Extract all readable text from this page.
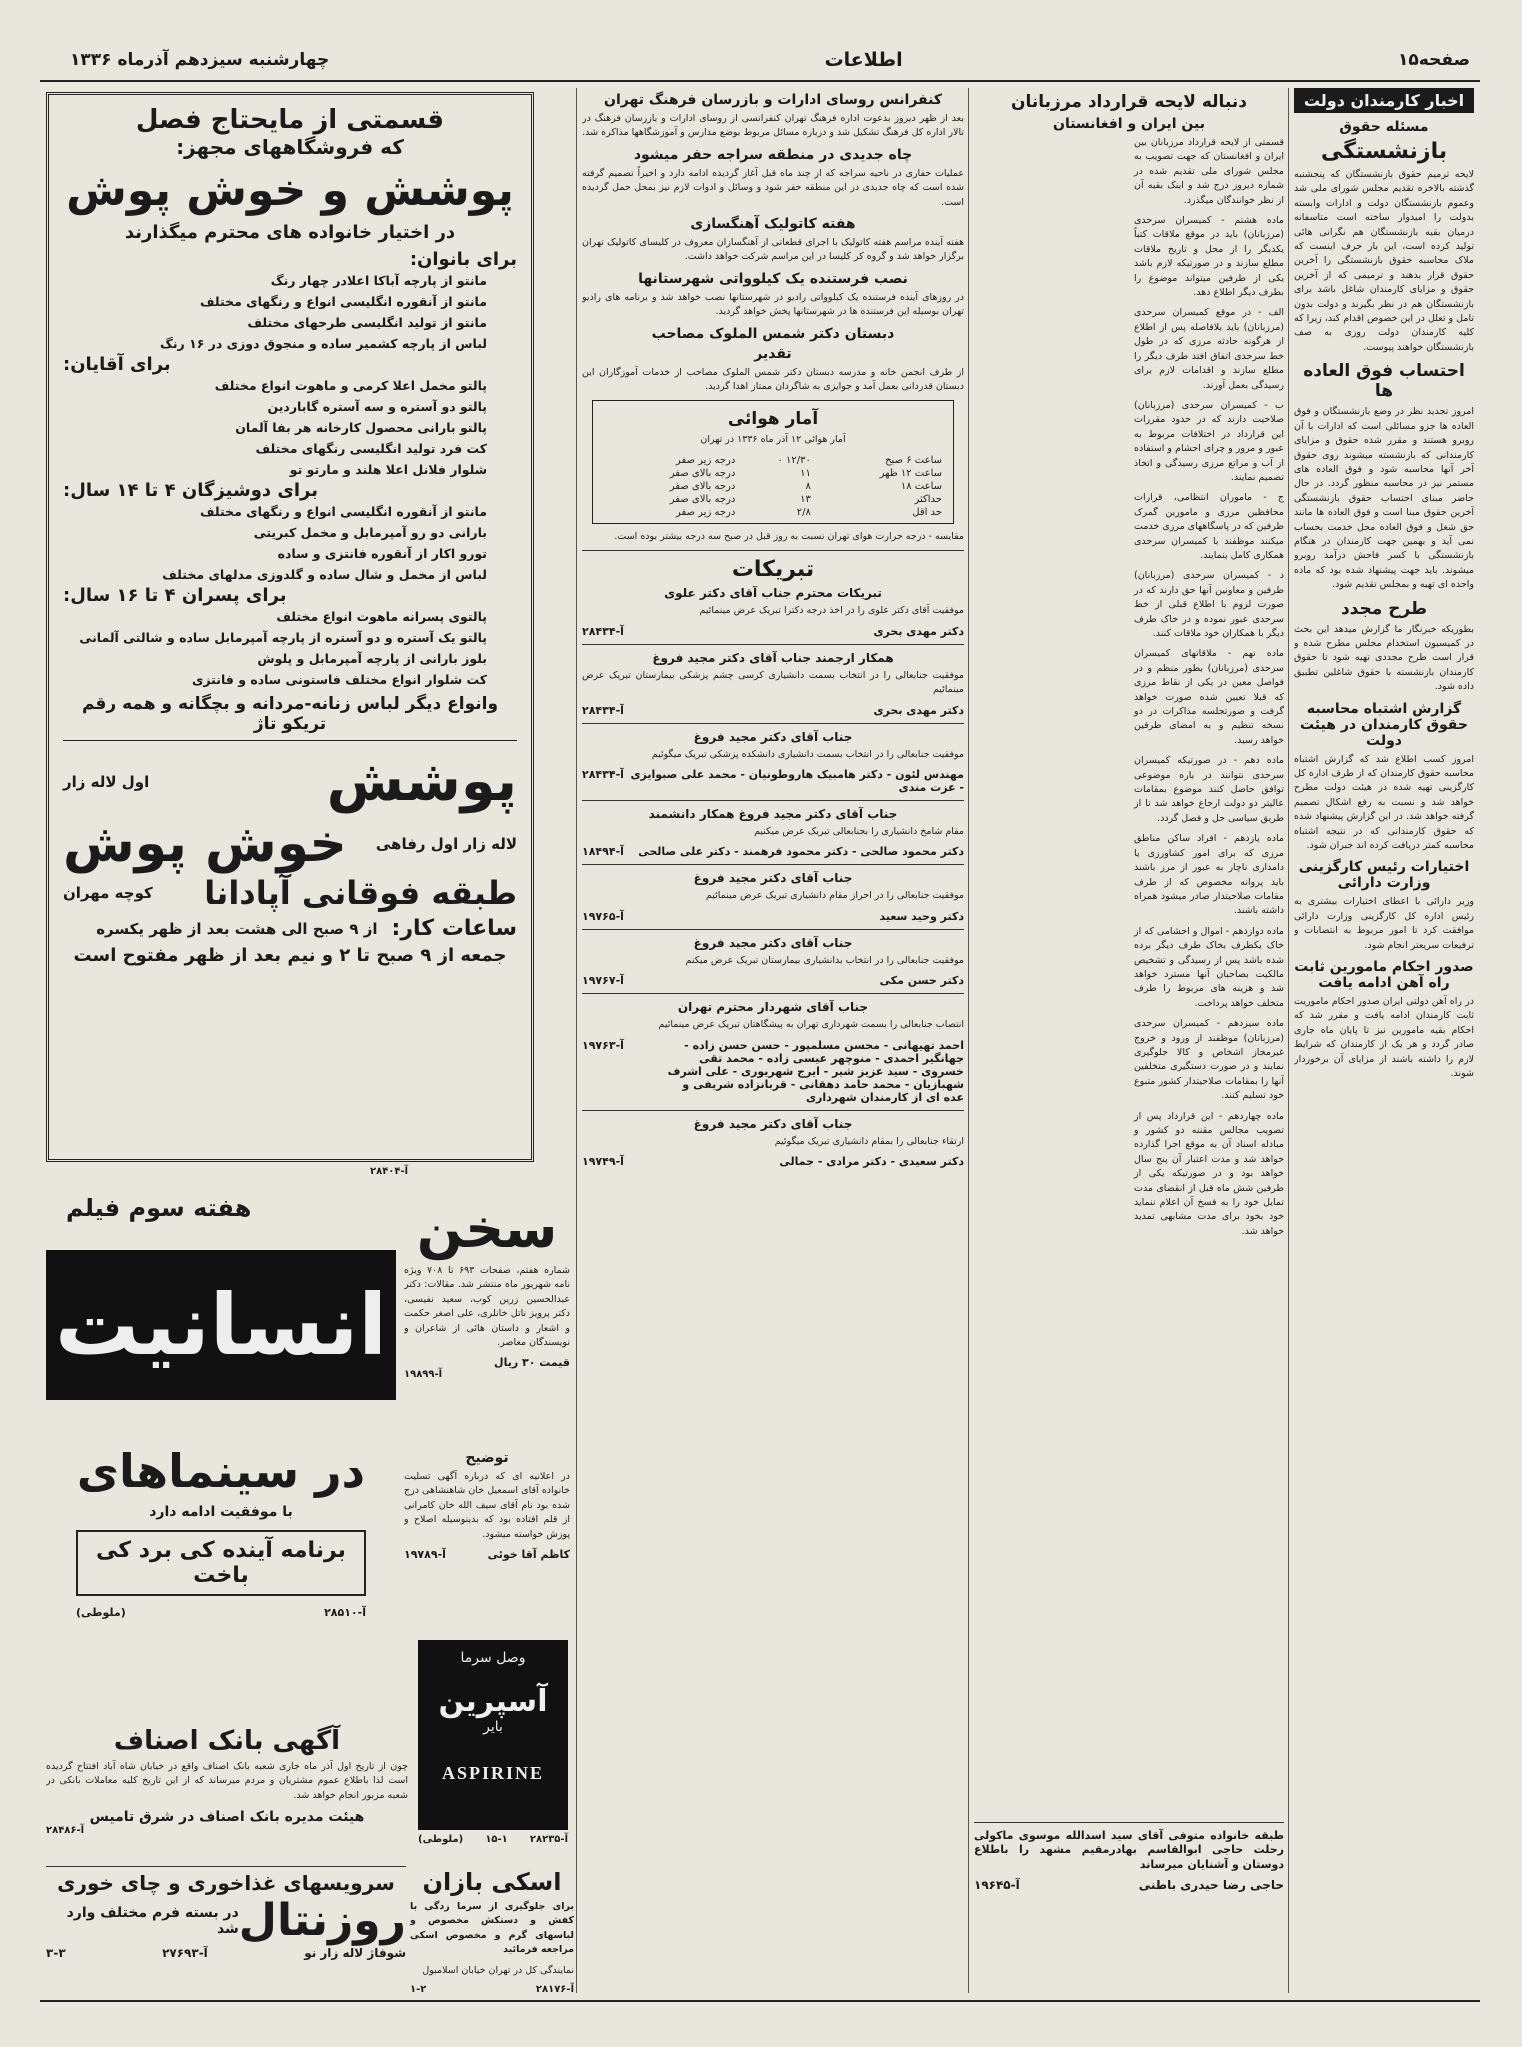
صفحه۱۵
اطلاعات
چهارشنبه سیزدهم آذرماه ۱۳۳۶
اخبار کارمندان دولت
مسئله حقوق
بازنشستگی

لایحه ترمیم حقوق بازنشستگان که پنجشنبه گذشته بالاخره تقدیم مجلس شورای ملی شد وعموم بازنشستگان دولت و ادارات وابسته بدولت را امیدوار ساخته است متاسفانه درمیان بقیه بازنشستگان هم نگرانی هائی تولید کرده است، این بار حرف اینست که ملاک محاسبه حقوق بازنشستگی را آخرین حقوق قرار بدهند و ترمیمی که از آخرین حقوق و مزایای کارمندان شاغل باشد برای بازنشستگان هم در نظر بگیرند و دولت بدون تامل و تعلل در این خصوص اقدام کند، زیرا که کلیه کارمندان دولت روزی به صف بازنشستگان خواهند پیوست.

احتساب فوق العاده ها

امروز تجدید نظر در وضع بازنشستگان و فوق العاده ها جزو مسائلی است که ادارات با آن روبرو هستند و مقرر شده حقوق و مزایای کارمندانی که بازنشسته میشوند روی حقوق آخر آنها محاسبه شود و فوق العاده های مستمر نیز در محاسبه منظور گردد. در حال حاضر مبنای احتساب حقوق بازنشستگی آخرین حقوق مبنا است و فوق العاده ها مانند حق شغل و فوق العاده محل خدمت بحساب نمی آید و بهمین جهت کارمندان در هنگام بازنشستگی با کسر فاحش درآمد روبرو میشوند. باید جهت پیشنهاد شده بود که ماده واحده ای تهیه و بمجلس تقدیم شود.

طرح مجدد

بطوریکه خبرنگار ما گزارش میدهد این بحث در کمیسیون استخدام مجلس مطرح شده و قرار است طرح مجددی تهیه شود تا حقوق کارمندان بازنشسته با حقوق شاغلین تطبیق داده شود.

گزارش اشتباه محاسبه حقوق کارمندان در هیئت دولت

امروز کسب اطلاع شد که گزارش اشتباه محاسبه حقوق کارمندان که از طرف اداره کل کارگزینی تهیه شده در هیئت دولت مطرح خواهد شد و نسبت به رفع اشکال تصمیم گرفته خواهد شد. در این گزارش پیشنهاد شده که حقوق کارمندانی که در نتیجه اشتباه محاسبه کمتر دریافت کرده اند جبران شود.

اختیارات رئیس کارگزینی وزارت دارائی

وزیر دارائی با اعطای اختیارات بیشتری به رئیس اداره کل کارگزینی وزارت دارائی موافقت کرد تا امور مربوط به انتصابات و ترفیعات سریعتر انجام شود.

صدور احکام مامورین ثابت راه آهن ادامه یافت

در راه آهن دولتی ایران صدور احکام ماموریت ثابت کارمندان ادامه یافت و مقرر شد که احکام بقیه مامورین نیز تا پایان ماه جاری صادر گردد و هر یک از کارمندان که شرایط لازم را داشته باشند از مزایای آن برخوردار شوند.

دنباله لایحه قرارداد مرزبانان
بین ایران و افغانستان

قسمتی از لایحه قرارداد مرزبانان بین ایران و افغانستان که جهت تصویب به مجلس شورای ملی تقدیم شده در شماره دیروز درج شد و اینک بقیه آن از نظر خوانندگان میگذرد.

ماده هشتم - کمیسران سرحدی (مرزبانان) باید در موقع ملاقات کتباً یکدیگر را از محل و تاریخ ملاقات مطلع سازند و در صورتیکه لازم باشد یکی از طرفین میتواند موضوع را بطرف دیگر اطلاع دهد.

الف - در موقع کمیسران سرحدی (مرزبانان) باید بلافاصله پس از اطلاع از هرگونه حادثه مرزی که در طول خط سرحدی اتفاق افتد طرف دیگر را مطلع سازند و اقدامات لازم برای رسیدگی بعمل آورند.

ب - کمیسران سرحدی (مرزبانان) صلاحیت دارند که در حدود مقررات این قرارداد در اختلافات مربوط به عبور و مرور و چرای احشام و استفاده از آب و مراتع مرزی رسیدگی و اتخاذ تصمیم نمایند.

ج - ماموران انتظامی، قرارات محافظین مرزی و مامورین گمرک طرفین که در پاسگاههای مرزی خدمت میکنند موظفند با کمیسران سرحدی همکاری کامل بنمایند.

د - کمیسران سرحدی (مرزبانان) طرفین و معاونین آنها حق دارند که در صورت لزوم با اطلاع قبلی از خط سرحدی عبور نموده و در خاک طرف دیگر با همکاران خود ملاقات کنند.

ماده نهم - ملاقاتهای کمیسران سرحدی (مرزبانان) بطور منظم و در فواصل معین در یکی از نقاط مرزی که قبلا تعیین شده صورت خواهد گرفت و صورتجلسه مذاکرات در دو نسخه تنظیم و به امضای طرفین خواهد رسید.

ماده دهم - در صورتیکه کمیسران سرحدی نتوانند در باره موضوعی توافق حاصل کنند موضوع بمقامات عالیتر دو دولت ارجاع خواهد شد تا از طریق سیاسی حل و فصل گردد.

ماده یازدهم - افراد ساکن مناطق مرزی که برای امور کشاورزی یا دامداری ناچار به عبور از مرز باشند باید پروانه مخصوص که از طرف مقامات صلاحیتدار صادر میشود همراه داشته باشند.

ماده دوازدهم - اموال و احشامی که از خاک یکطرف بخاک طرف دیگر برده شده باشد پس از رسیدگی و تشخیص مالکیت بصاحبان آنها مسترد خواهد شد و هزینه های مربوط را طرف متخلف خواهد پرداخت.

ماده سیزدهم - کمیسران سرحدی (مرزبانان) موظفند از ورود و خروج غیرمجاز اشخاص و کالا جلوگیری نمایند و در صورت دستگیری متخلفین آنها را بمقامات صلاحیتدار کشور متبوع خود تسلیم کنند.

ماده چهاردهم - این قرارداد پس از تصویب مجالس مقننه دو کشور و مبادله اسناد آن به موقع اجرا گذارده خواهد شد و مدت اعتبار آن پنج سال خواهد بود و در صورتیکه یکی از طرفین شش ماه قبل از انقضای مدت تمایل خود را به فسخ آن اعلام ننماید خود بخود برای مدت مشابهی تمدید خواهد شد.

طبقه خانواده متوفی آقای سید اسدالله موسوی ماکولی رحلت حاجی ابوالقاسم بهادرمقیم مشهد را باطلاع دوستان و آشنایان میرساند

حاجی رضا حیدری باطنی
آ-۱۹۶۴۵
کنفرانس روسای ادارات و بازرسان فرهنگ تهران

بعد از ظهر دیروز بدعوت اداره فرهنگ تهران کنفرانسی از روسای ادارات و بازرسان فرهنگ در تالار اداره کل فرهنگ تشکیل شد و درباره مسائل مربوط بوضع مدارس و آموزشگاهها مذاکره شد.

چاه جدیدی در منطقه سراجه حفر میشود

عملیات حفاری در ناحیه سراجه که از چند ماه قبل آغاز گردیده ادامه دارد و اخیراً تصمیم گرفته شده است که چاه جدیدی در این منطقه حفر شود و وسائل و ادوات لازم نیز بمحل حمل گردیده است.

هفته کاتولیک آهنگسازی

هفته آینده مراسم هفته کاتولیک با اجرای قطعاتی از آهنگسازان معروف در کلیسای کاتولیک تهران برگزار خواهد شد و گروه کر کلیسا در این مراسم شرکت خواهد داشت.

نصب فرستنده یک کیلوواتی شهرستانها

در روزهای آینده فرستنده یک کیلوواتی رادیو در شهرستانها نصب خواهد شد و برنامه های رادیو تهران بوسیله این فرستنده ها در شهرستانها پخش خواهد گردید.

دبستان دکتر شمس الملوک مصاحب
تقدیر

از طرف انجمن خانه و مدرسه دبستان دکتر شمس الملوک مصاحب از خدمات آموزگاران این دبستان قدردانی بعمل آمد و جوایزی به شاگردان ممتاز اهدا گردید.

آمار هوائی
آمار هوائی ۱۲ آذر ماه ۱۳۳۶ در تهران
ساعت ۶ صبح	۱۲/۳۰ ۰	درجه زیر صفر
ساعت ۱۲ ظهر	۱۱	درجه بالای صفر
ساعت ۱۸	۸	درجه بالای صفر
حداکثر	۱۳	درجه بالای صفر
حد اقل	۲/۸	درجه زیر صفر

مقایسه - درجه حرارت هوای تهران نسبت به روز قبل در صبح سه درجه بیشتر بوده است.

تبریکات
تبریکات محترم جناب آقای دکتر علوی

موفقیت آقای دکتر علوی را در اخذ درجه دکترا تبریک عرض مینمائیم

دکتر مهدی بحری
آ-۲۸۴۳۴
همکار ارجمند جناب آقای دکتر مجید فروغ

موفقیت جنابعالی را در انتخاب بسمت دانشیاری کرسی چشم پزشکی بیمارستان تبریک عرض مینمائیم

دکتر مهدی بحری
آ-۲۸۴۳۴
جناب آقای دکتر مجید فروغ

موفقیت جنابعالی را در انتخاب بسمت دانشیاری دانشکده پزشکی تبریک میگوئیم

مهندس لئون - دکتر هامبیک هاروطونیان - محمد علی صبوایزی - عزت مندی
آ-۲۸۴۳۴
جناب آقای دکتر مجید فروغ همکار دانشمند

مقام شامخ دانشیاری را بجنابعالی تبریک عرض میکنیم

دکتر محمود صالحی - دکتر محمود فرهمند - دکتر علی صالحی
آ-۱۸۴۹۴
جناب آقای دکتر مجید فروغ

موفقیت جنابعالی را در احراز مقام دانشیاری تبریک عرض مینمائیم

دکتر وحید سعید
آ-۱۹۷۶۵
جناب آقای دکتر مجید فروغ

موفقیت جنابعالی را در انتخاب بدانشیاری بیمارستان تبریک عرض میکنم

دکتر حسن مکی
آ-۱۹۷۶۷
جناب آقای شهردار محترم تهران

انتصاب جنابعالی را بسمت شهرداری تهران به پیشگاهتان تبریک عرض مینمائیم

احمد تهیهانی - محسن مسلمپور - حسن حسن زاده - جهانگیر احمدی - منوچهر عیسی زاده - محمد تقی خسروی - سید عزیز شیر - ایرج شهریوری - علی اشرف شهبازیان - محمد حامد دهقانی - قربانزاده شریفی و عده ای از کارمندان شهرداری
آ-۱۹۷۶۳
جناب آقای دکتر مجید فروغ

ارتقاء جنابعالی را بمقام دانشیاری تبریک میگوئیم

دکتر سعیدی - دکتر مرادی - جمالی
آ-۱۹۷۴۹
قسمتی از مایحتاج فصل
که فروشگاههای مجهز:
پوشش و خوش پوش
در اختیار خانواده های محترم میگذارند
برای بانوان:
مانتو از پارچه آباکا اعلادر چهار رنگ
مانتو از آنقوره انگلیسی انواع و رنگهای مختلف
مانتو از تولید انگلیسی طرحهای مختلف
لباس از پارچه کشمیر ساده و منجوق دوزی در ۱۶ رنگ
برای آقایان:
پالتو مخمل اعلا کرمی و ماهوت انواع مختلف
پالتو دو آستره و سه آستره گاباردین
پالتو بارانی محصول کارخانه هر بفا آلمان
کت فرد تولید انگلیسی رنگهای مختلف
شلوار فلانل اعلا هلند و مارتو تو
برای دوشیزگان ۴ تا ۱۴ سال:
مانتو از آنقوره انگلیسی انواع و رنگهای مختلف
بارانی دو رو آمپرمابل و مخمل کبریتی
تورو اکار از آنقوره فانتزی و ساده
لباس از مخمل و شال ساده و گلدوزی مدلهای مختلف
برای پسران ۴ تا ۱۶ سال:
پالتوی پسرانه ماهوت انواع مختلف
پالتو یک آستره و دو آستره از پارچه آمپرمابل ساده و شالتی آلمانی
بلوز بارانی از پارچه آمپرمابل و پلوش
کت شلوار انواع مختلف فاستونی ساده و فانتزی
وانواع دیگر لباس زنانه-مردانه و بچگانه و همه رقم تریکو تاژ
پوشش
اول لاله زار
لاله زار اول رفاهی
خوش پوش
طبقه فوقانی آپادانا
کوچه مهران
ساعات کار:
از ۹ صبح الی هشت بعد از ظهر یکسره
جمعه از ۹ صبح تا ۲ و نیم بعد از ظهر مفتوح است
آ-۲۸۴۰۴
سخن

شماره هفتم، صفحات ۶۹۳ تا ۷۰۸ ویژه نامه شهریور ماه منتشر شد. مقالات: دکتر عبدالحسین زرین کوب، سعید نفیسی، دکتر پرویز ناتل خانلری، علی اصغر حکمت و اشعار و داستان هائی از شاعران و نویسندگان معاصر.

قیمت ۳۰ ریال
آ-۱۹۸۹۹
هفته سوم فیلم
انسانیت
در سینماهای
با موفقیت ادامه دارد
برنامه آینده کی برد کی باخت
آ-۲۸۵۱۰
(ملوطی)
توضیح

در اعلانیه ای که درباره آگهی تسلیت خانواده آقای اسمعیل خان شاهنشاهی درج شده بود نام آقای سیف الله خان کامرانی از قلم افتاده بود که بدینوسیله اصلاح و پوزش خواسته میشود.

کاظم آقا خوئی
آ-۱۹۷۸۹
وصل سرما
آسپرین
بایر
ASPIRINE
آ-۲۸۲۳۵
۱۵-۱
(ملوطی)
آگهی بانک اصناف

چون از تاریخ اول آذر ماه جاری شعبه بانک اصناف واقع در خیابان شاه آباد افتتاح گردیده است لذا باطلاع عموم مشتریان و مردم میرساند که از این تاریخ کلیه معاملات بانکی در شعبه مزبور انجام خواهد شد.

هیئت مدیره بانک اصناف در شرق تامیس
آ-۲۸۴۸۶
اسکی بازان

برای جلوگیری از سرما زدگی با کفش و دستکش مخصوص و لباسهای گرم و مخصوص اسکی مراجعه فرمائید

نمایندگی کل در تهران خیابان اسلامبول

آ-۲۸۱۷۶
۱-۲
سرویسهای غذاخوری و چای خوری
روزنتال
در بسته فرم مختلف وارد شد
شوفاژ لاله زار نو
آ-۲۷۶۹۳
۳-۳
